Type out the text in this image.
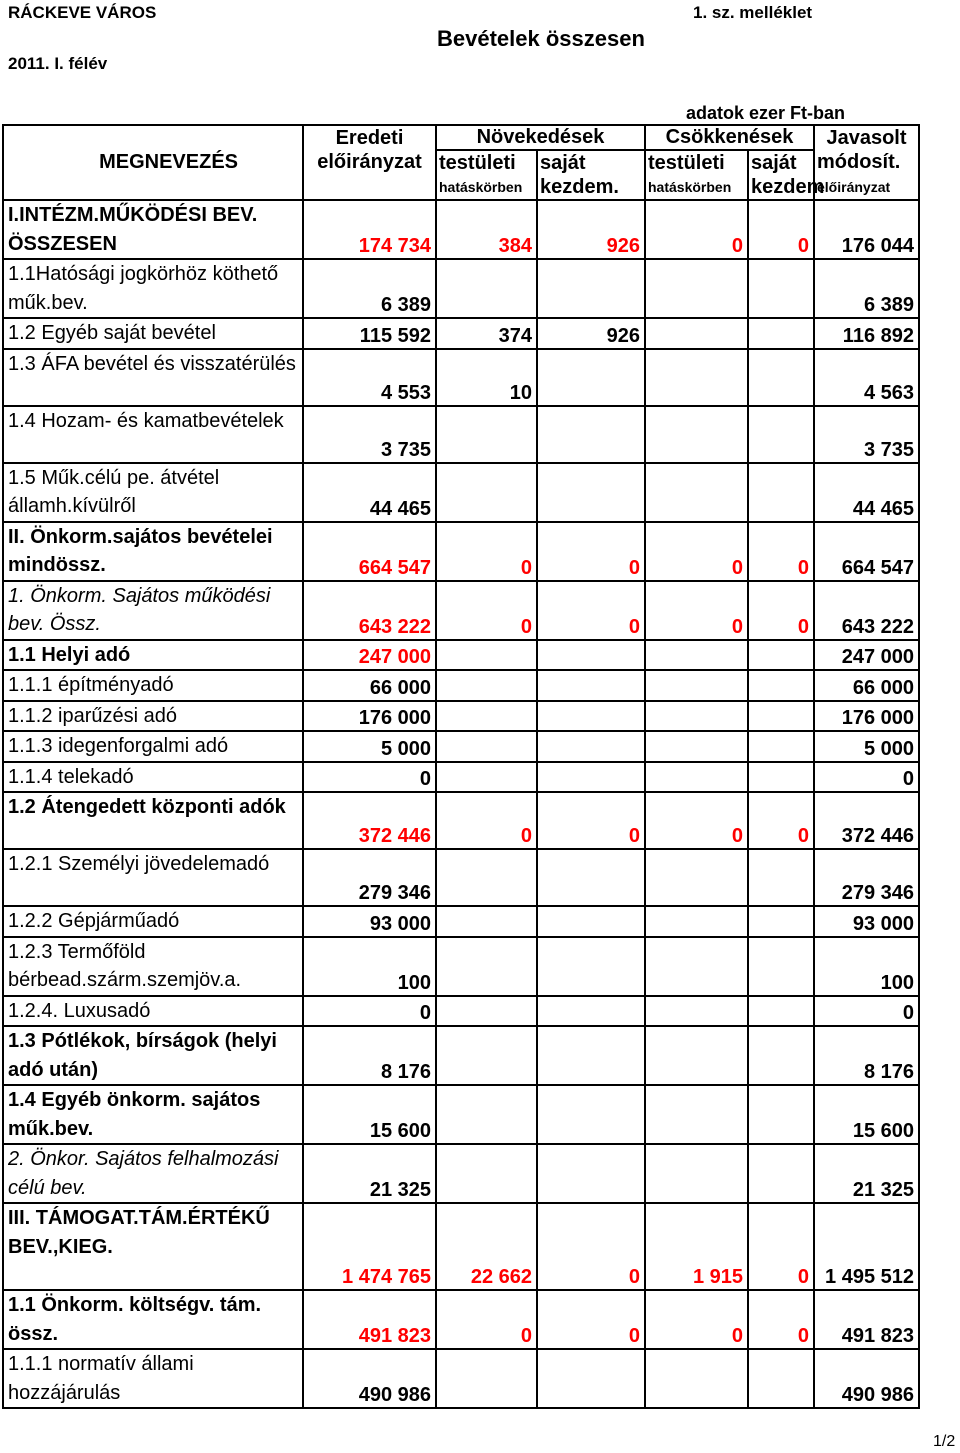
RÁCKEVE VÁROS
2011. I. félév
1. sz. melléklet
Bevételek összesen
adatok ezer Ft-ban
	Eredeti	Növekedések		Csökkenések		Javasolt
MEGNEVEZÉS	előirányzat	testületi	saját	testületi	saját	módosít.
		hatáskörben	kezdem.	hatáskörben	kezdem	előirányzat
I.INTÉZM.MŰKÖDÉSI BEV. ÖSSZESEN	174 734	384	926	0	0	176 044
1.1Hatósági jogkörhöz köthető műk.bev.	6 389					6 389
1.2 Egyéb saját bevétel	115 592	374	926			116 892
1.3 ÁFA bevétel és visszatérülés	4 553	10				4 563
1.4 Hozam- és kamatbevételek	3 735					3 735
1.5 Műk.célú pe. átvétel államh.kívülről	44 465					44 465
II. Önkorm.sajátos bevételei mindössz.	664 547	0	0	0	0	664 547
1. Önkorm. Sajátos működési bev. Össz.	643 222	0	0	0	0	643 222
1.1 Helyi adó	247 000					247 000
1.1.1 építményadó	66 000					66 000
1.1.2 iparűzési adó	176 000					176 000
1.1.3 idegenforgalmi adó	5 000					5 000
1.1.4 telekadó	0					0
1.2 Átengedett központi adók	372 446	0	0	0	0	372 446
1.2.1 Személyi jövedelemadó	279 346					279 346
1.2.2 Gépjárműadó	93 000					93 000
1.2.3 Termőföld bérbead.szárm.szemjöv.a.	100					100
1.2.4. Luxusadó	0					0
1.3 Pótlékok, bírságok (helyi adó után)	8 176					8 176
1.4 Egyéb önkorm. sajátos műk.bev.	15 600					15 600
2. Önkor. Sajátos felhalmozási célú bev.	21 325					21 325
III. TÁMOGAT.TÁM.ÉRTÉKŰ BEV.,KIEG.	1 474 765	22 662	0	1 915	0	1 495 512
1.1 Önkorm. költségv. tám. össz.	491 823	0	0	0	0	491 823
1.1.1 normatív állami hozzájárulás	490 986					490 986
1/2
